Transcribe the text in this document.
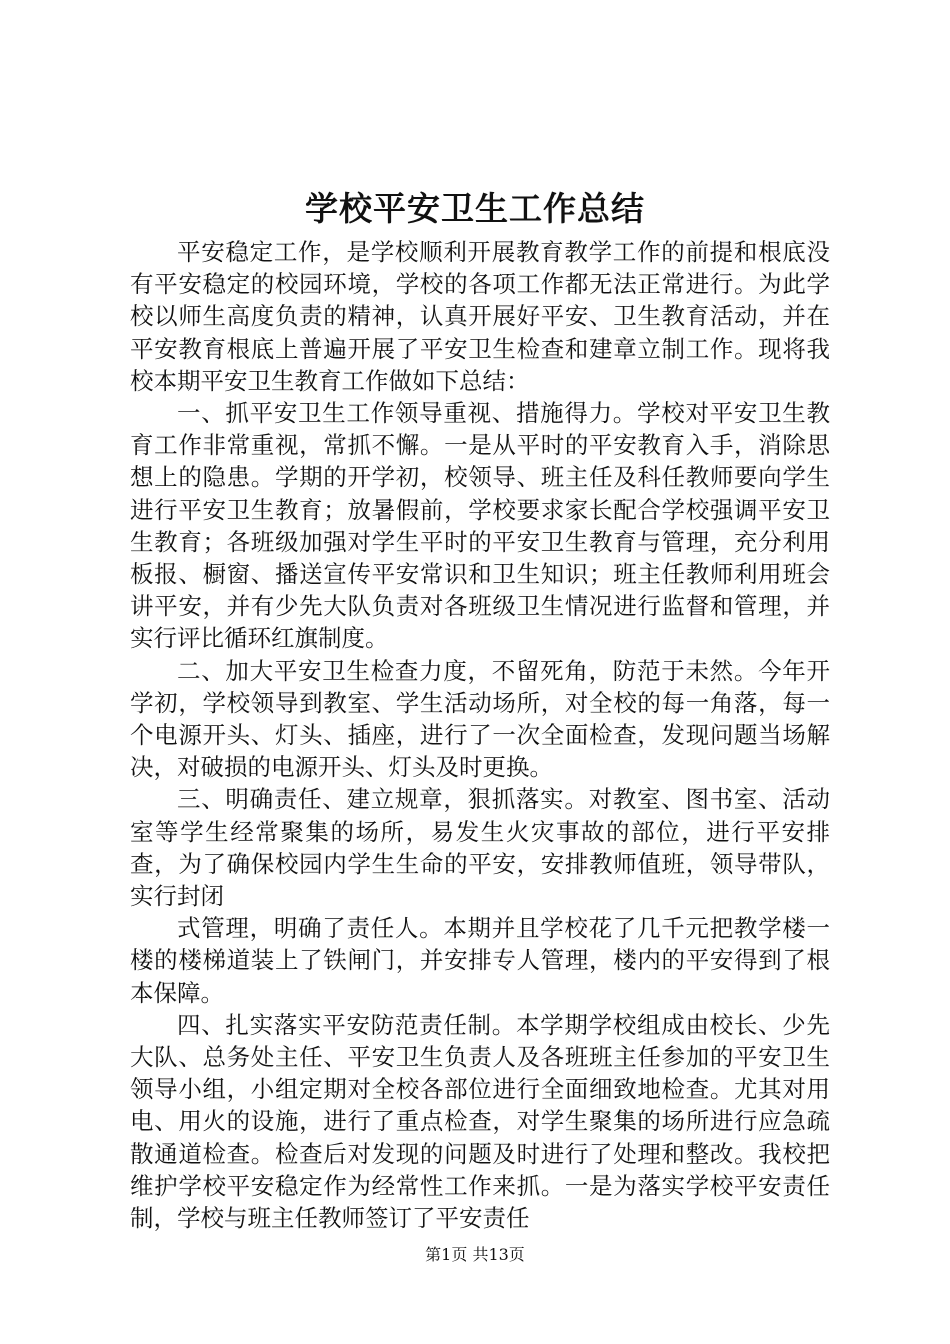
学校平安卫生工作总结

平安稳定工作，是学校顺利开展教育教学工作的前提和根底没有平安稳定的校园环境，学校的各项工作都无法正常进行。为此学校以师生高度负责的精神，认真开展好平安、卫生教育活动，并在平安教育根底上普遍开展了平安卫生检查和建章立制工作。现将我校本期平安卫生教育工作做如下总结：

一、抓平安卫生工作领导重视、措施得力。学校对平安卫生教育工作非常重视，常抓不懈。一是从平时的平安教育入手，消除思想上的隐患。学期的开学初，校领导、班主任及科任教师要向学生进行平安卫生教育；放暑假前，学校要求家长配合学校强调平安卫生教育；各班级加强对学生平时的平安卫生教育与管理，充分利用板报、橱窗、播送宣传平安常识和卫生知识；班主任教师利用班会讲平安，并有少先大队负责对各班级卫生情况进行监督和管理，并实行评比循环红旗制度。

二、加大平安卫生检查力度，不留死角，防范于未然。今年开学初，学校领导到教室、学生活动场所，对全校的每一角落，每一个电源开头、灯头、插座，进行了一次全面检查，发现问题当场解决，对破损的电源开头、灯头及时更换。

三、明确责任、建立规章，狠抓落实。对教室、图书室、活动室等学生经常聚集的场所，易发生火灾事故的部位，进行平安排查，为了确保校园内学生生命的平安，安排教师值班，领导带队，实行封闭

式管理，明确了责任人。本期并且学校花了几千元把教学楼一楼的楼梯道装上了铁闸门，并安排专人管理，楼内的平安得到了根本保障。

四、扎实落实平安防范责任制。本学期学校组成由校长、少先大队、总务处主任、平安卫生负责人及各班班主任参加的平安卫生领导小组，小组定期对全校各部位进行全面细致地检查。尤其对用电、用火的设施，进行了重点检查，对学生聚集的场所进行应急疏散通道检查。检查后对发现的问题及时进行了处理和整改。我校把维护学校平安稳定作为经常性工作来抓。一是为落实学校平安责任制，学校与班主任教师签订了平安责任

第1页 共13页
